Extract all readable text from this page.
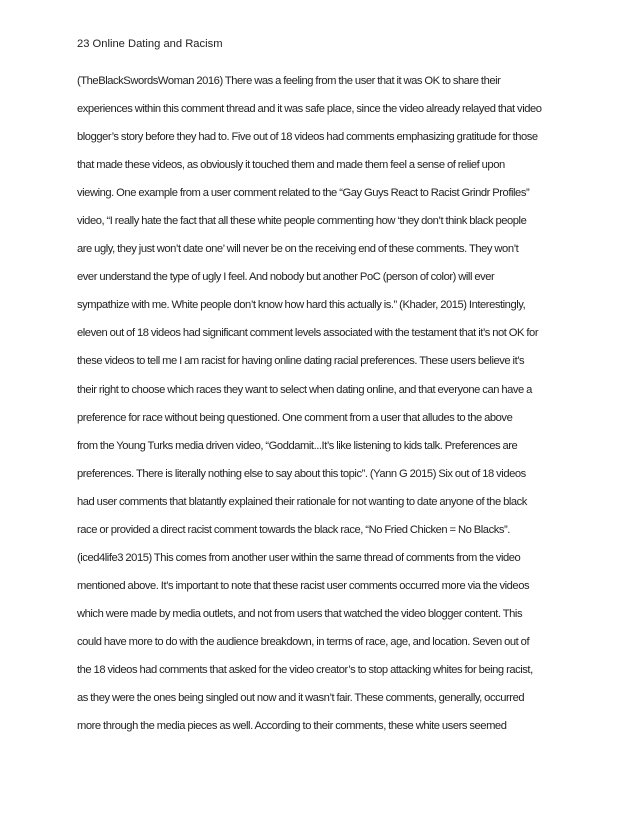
23 Online Dating and Racism
(TheBlackSwordsWoman 2016) There was a feeling from the user that it was OK to share their
experiences within this comment thread and it was safe place, since the video already relayed that video
blogger’s story before they had to. Five out of 18 videos had comments emphasizing gratitude for those
that made these videos, as obviously it touched them and made them feel a sense of relief upon
viewing. One example from a user comment related to the “Gay Guys React to Racist Grindr Profiles”
video, “I really hate the fact that all these white people commenting how ‘they don’t think black people
are ugly, they just won’t date one’ will never be on the receiving end of these comments. They won’t
ever understand the type of ugly I feel. And nobody but another PoC (person of color) will ever
sympathize with me. White people don’t know how hard this actually is.” (Khader, 2015) Interestingly,
eleven out of 18 videos had significant comment levels associated with the testament that it’s not OK for
these videos to tell me I am racist for having online dating racial preferences. These users believe it’s
their right to choose which races they want to select when dating online, and that everyone can have a
preference for race without being questioned. One comment from a user that alludes to the above
from the Young Turks media driven video, “Goddamit...It’s like listening to kids talk. Preferences are
preferences. There is literally nothing else to say about this topic”. (Yann G 2015) Six out of 18 videos
had user comments that blatantly explained their rationale for not wanting to date anyone of the black
race or provided a direct racist comment towards the black race, “No Fried Chicken = No Blacks”.
(iced4life3 2015) This comes from another user within the same thread of comments from the video
mentioned above. It’s important to note that these racist user comments occurred more via the videos
which were made by media outlets, and not from users that watched the video blogger content. This
could have more to do with the audience breakdown, in terms of race, age, and location. Seven out of
the 18 videos had comments that asked for the video creator’s to stop attacking whites for being racist,
as they were the ones being singled out now and it wasn’t fair. These comments, generally, occurred
more through the media pieces as well. According to their comments, these white users seemed
